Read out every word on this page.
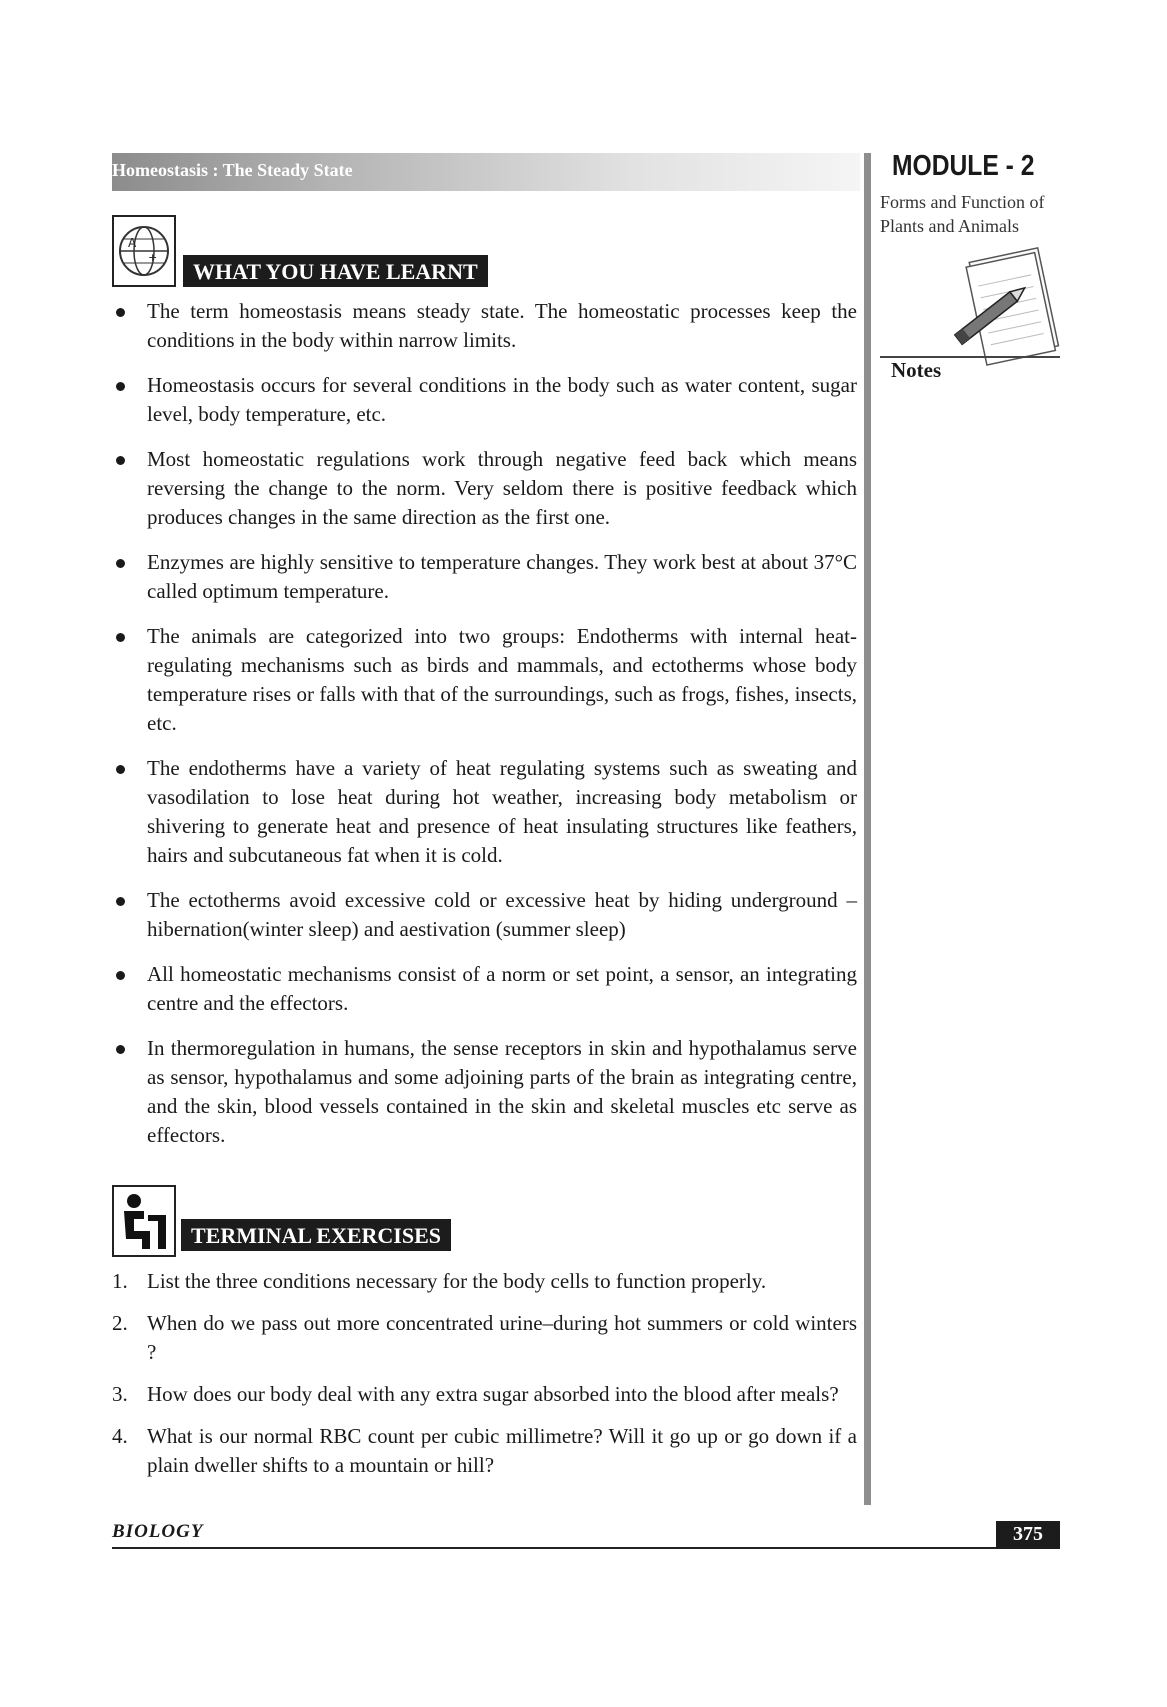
Homeostasis : The Steady State	MODULE - 2
Forms and Function of Plants and Animals
Notes
A
+
WHAT YOU HAVE LEARNT
The term homeostasis means steady state. The homeostatic processes keep the conditions in the body within narrow limits.
Homeostasis occurs for several conditions in the body such as water content, sugar level, body temperature, etc.
Most homeostatic regulations work through negative feed back which means reversing the change to the norm. Very seldom there is positive feedback which produces changes in the same direction as the first one.
Enzymes are highly sensitive to temperature changes. They work best at about 37°C called optimum temperature.
The animals are categorized into two groups: Endotherms with internal heat-regulating mechanisms such as birds and mammals, and ectotherms whose body temperature rises or falls with that of the surroundings, such as frogs, fishes, insects, etc.
The endotherms have a variety of heat regulating systems such as sweating and vasodilation to lose heat during hot weather, increasing body metabolism or shivering to generate heat and presence of heat insulating structures like feathers, hairs and subcutaneous fat when it is cold.
The ectotherms avoid excessive cold or excessive heat by hiding underground – hibernation(winter sleep) and aestivation (summer sleep)
All homeostatic mechanisms consist of a norm or set point, a sensor, an integrating centre and the effectors.
In thermoregulation in humans, the sense receptors in skin and hypothalamus serve as sensor, hypothalamus and some adjoining parts of the brain as integrating centre, and the skin, blood vessels contained in the skin and skeletal muscles etc serve as effectors.
TERMINAL EXERCISES
1. List the three conditions necessary for the body cells to function properly.
2. When do we pass out more concentrated urine–during hot summers or cold winters ?
3. How does our body deal with any extra sugar absorbed into the blood after meals?
4. What is our normal RBC count per cubic millimetre? Will it go up or go down if a plain dweller shifts to a mountain or hill?
BIOLOGY	375
